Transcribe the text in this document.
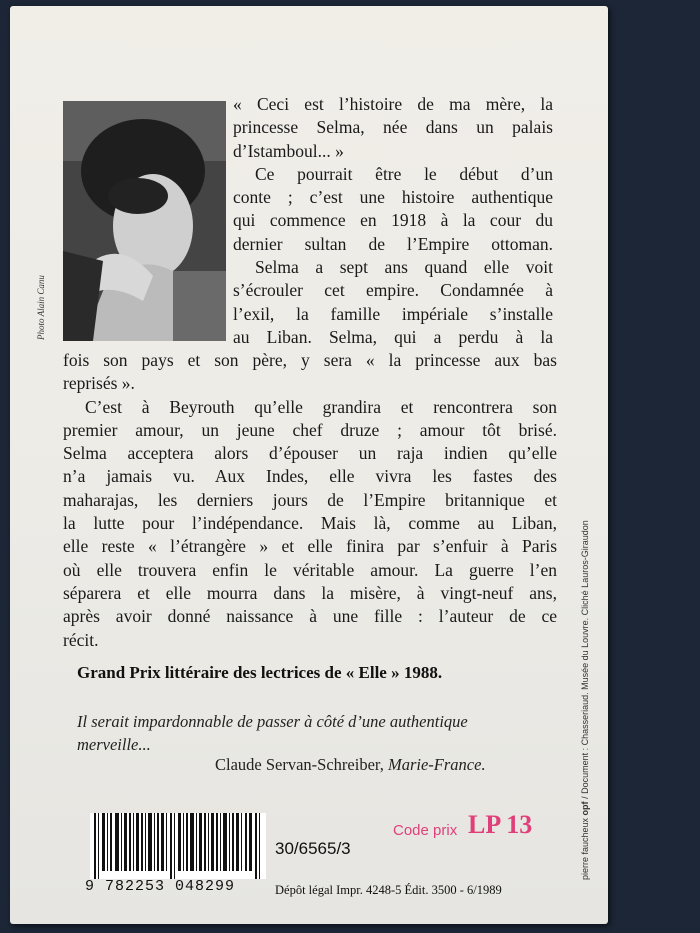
Photo Alain Canu
« Ceci est l’histoire de ma mère, la
princesse Selma, née dans un palais
d’Istamboul... »
Ce pourrait être le début d’un
conte ; c’est une histoire authentique
qui commence en 1918 à la cour du
dernier sultan de l’Empire ottoman.
Selma a sept ans quand elle voit
s’écrouler cet empire. Condamnée à
l’exil, la famille impériale s’installe
au Liban. Selma, qui a perdu à la
fois son pays et son père, y sera « la princesse aux bas
reprisés ».
C’est à Beyrouth qu’elle grandira et rencontrera son
premier amour, un jeune chef druze ; amour tôt brisé.
Selma acceptera alors d’épouser un raja indien qu’elle
n’a jamais vu. Aux Indes, elle vivra les fastes des
maharajas, les derniers jours de l’Empire britannique et
la lutte pour l’indépendance. Mais là, comme au Liban,
elle reste « l’étrangère » et elle finira par s’enfuir à Paris
où elle trouvera enfin le véritable amour. La guerre l’en
séparera et elle mourra dans la misère, à vingt-neuf ans,
après avoir donné naissance à une fille : l’auteur de ce
récit.
Grand Prix littéraire des lectrices de « Elle » 1988.
Il serait impardonnable de passer à côté d’une authentique
merveille...
Claude Servan-Schreiber, Marie-France.
9 782253 048299
30/6565/3
Code prix LP 13
Dépôt légal Impr. 4248-5 Édit. 3500 - 6/1989
pierre faucheux opf / Document : Chasseriaud. Musée du Louvre. Cliché Lauros-Giraudon
